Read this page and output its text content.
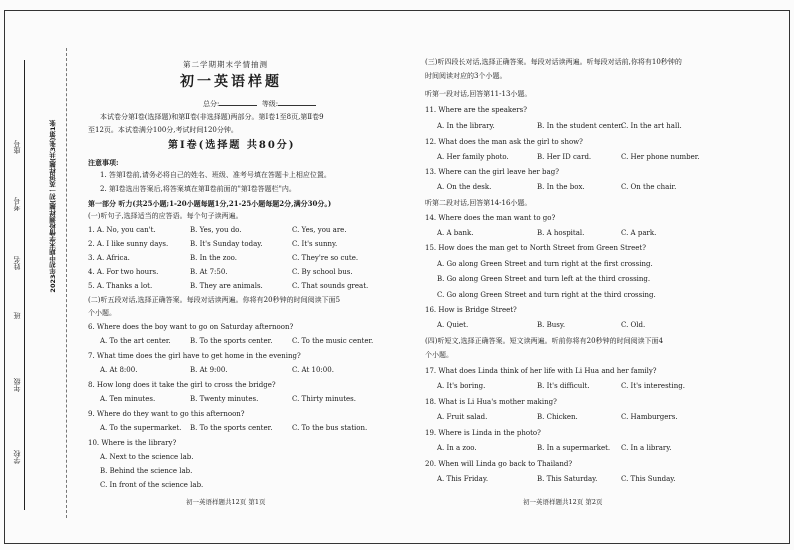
学校
年级
班
姓名
考号
座号	2023年初中期末学情检测样题(初一英语样题(共3张)第1张
第二学期期末学情抽测
初一英语样题
总分:	等级:
本试卷分第Ⅰ卷(选择题)和第Ⅱ卷(非选择题)两部分。第Ⅰ卷1至8页,第Ⅱ卷9
至12页。本试卷满分100分,考试时间120分钟。
第Ⅰ卷(选择题 共80分)
注意事项:
1. 答第Ⅰ卷前,请务必将自己的姓名、班级、准考号填在答题卡上相应位置。
2. 第Ⅰ卷选出答案后,将答案填在第Ⅱ卷前面的"第Ⅰ卷答题栏"内。
第一部分 听力(共25小题;1-20小题每题1分,21-25小题每题2分,满分30分。)
(一)听句子,选择适当的应答语。每个句子读两遍。
1. A. No, you can't.	B. Yes, you do.	C. Yes, you are.
2. A. I like sunny days.	B. It's Sunday today.	C. It's sunny.
3. A. Africa.	B. In the zoo.	C. They're so cute.
4. A. For two hours.	B. At 7:50.	C. By school bus.
5. A. Thanks a lot.	B. They are animals.	C. That sounds great.
(二)听五段对话,选择正确答案。每段对话读两遍。你将有20秒钟的时间阅读下面5
个小题。
6. Where does the boy want to go on Saturday afternoon?
A. To the art center.	B. To the sports center.	C. To the music center.
7. What time does the girl have to get home in the evening?
A. At 8:00.	B. At 9:00.	C. At 10:00.
8. How long does it take the girl to cross the bridge?
A. Ten minutes.	B. Twenty minutes.	C. Thirty minutes.
9. Where do they want to go this afternoon?
A. To the supermarket. B. To the sports center.	C. To the bus station.
10. Where is the library?
A. Next to the science lab.
B. Behind the science lab.
C. In front of the science lab.
初一英语样题共12页 第1页
(三)听四段长对话,选择正确答案。每段对话读两遍。听每段对话前,你将有10秒钟的
时间阅读对应的3个小题。
听第一段对话,回答第11-13小题。
11. Where are the speakers?
A. In the library.	B. In the student center.
C. In the art hall.
12. What does the man ask the girl to show?
A. Her family photo.	B. Her ID card.	C. Her phone number.
13. Where can the girl leave her bag?
A. On the desk.	B. In the box.	C. On the chair.
听第二段对话,回答第14-16小题。
14. Where does the man want to go?
A. A bank.	B. A hospital.	C. A park.
15. How does the man get to North Street from Green Street?
A. Go along Green Street and turn right at the first crossing.
B. Go along Green Street and turn left at the third crossing.
C. Go along Green Street and turn right at the third crossing.
16. How is Bridge Street?
A. Quiet.	B. Busy.	C. Old.
(四)听短文,选择正确答案。短文读两遍。听前你将有20秒钟的时间阅读下面4
个小题。
17. What does Linda think of her life with Li Hua and her family?
A. It's boring.	B. It's difficult.	C. It's interesting.
18. What is Li Hua's mother making?
A. Fruit salad.	B. Chicken.	C. Hamburgers.
19. Where is Linda in the photo?
A. In a zoo.	B. In a supermarket. C. In a library.
20. When will Linda go back to Thailand?
A. This Friday.	B. This Saturday.	C. This Sunday.
初一英语样题共12页 第2页
